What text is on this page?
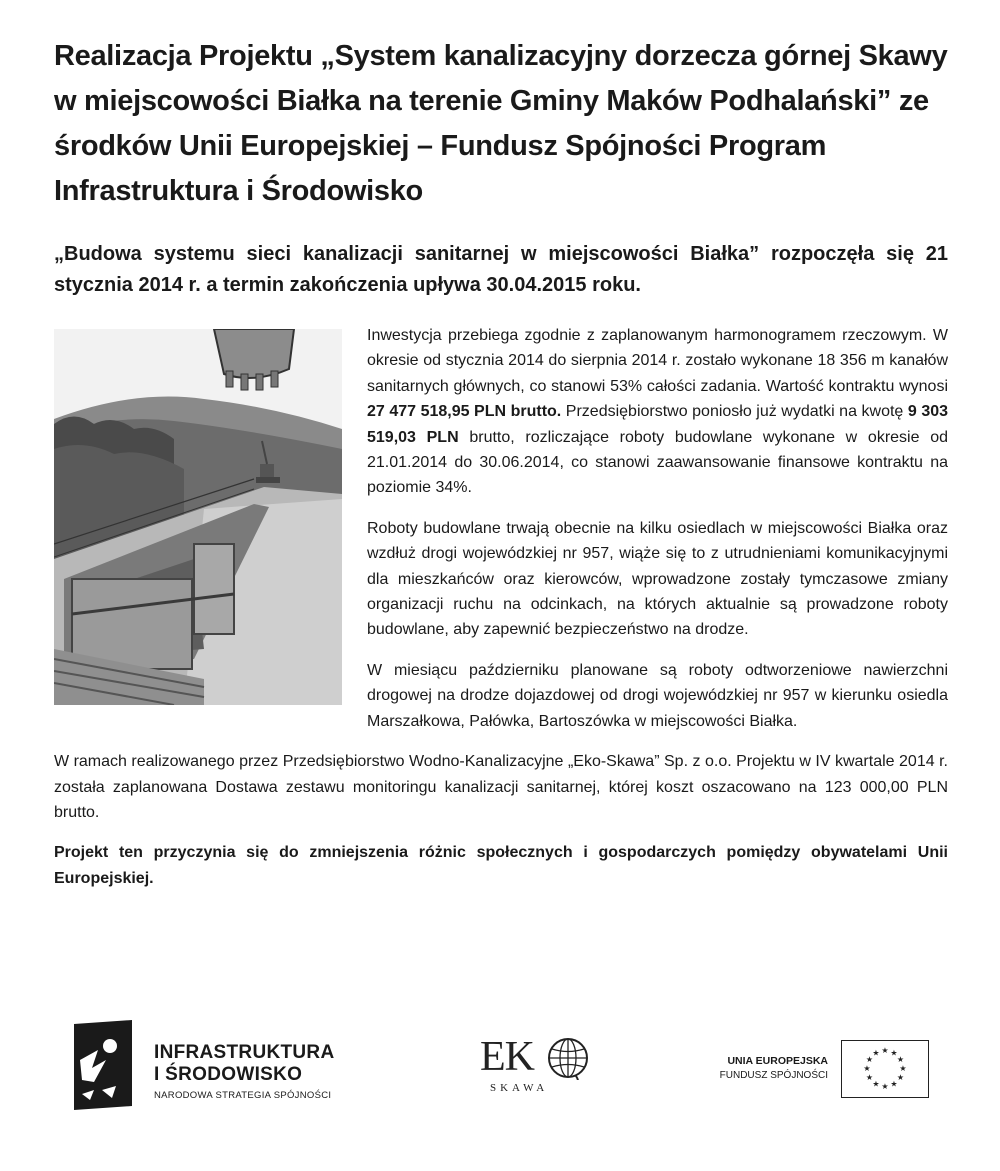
Realizacja Projektu „System kanalizacyjny dorzecza górnej Skawy w miejscowości Białka na terenie Gminy Maków Podhalański” ze środków Unii Europejskiej – Fundusz Spójności Program Infrastruktura i Środowisko

„Budowa systemu sieci kanalizacji sanitarnej w miejscowości Białka” rozpoczęła się 21 stycznia 2014 r. a termin zakończenia upływa 30.04.2015 roku.

Inwestycja przebiega zgodnie z zaplanowanym harmonogramem rzeczowym. W okresie od stycznia 2014 do sierpnia 2014 r. zostało wykonane 18 356 m kanałów sanitarnych głównych, co stanowi 53% całości zadania. Wartość kontraktu wynosi 27 477 518,95 PLN brutto. Przedsiębiorstwo poniosło już wydatki na kwotę 9 303 519,03 PLN brutto, rozliczające roboty budowlane wykonane w okresie od 21.01.2014 do 30.06.2014, co stanowi zaawansowanie finansowe kontraktu na poziomie 34%.

Roboty budowlane trwają obecnie na kilku osiedlach w miejscowości Białka oraz wzdłuż drogi wojewódzkiej nr 957, wiąże się to z utrudnieniami komunikacyjnymi dla mieszkańców oraz kierowców, wprowadzone zostały tymczasowe zmiany organizacji ruchu na odcinkach, na których aktualnie są prowadzone roboty budowlane, aby zapewnić bezpieczeństwo na drodze.

W miesiącu październiku planowane są roboty odtworzeniowe nawierzchni drogowej na drodze dojazdowej od drogi wojewódzkiej nr 957 w kierunku osiedla Marszałkowa, Pałówka, Bartoszówka w miejscowości Białka.

W ramach realizowanego przez Przedsiębiorstwo Wodno-Kanalizacyjne „Eko-Skawa” Sp. z o.o. Projektu w IV kwartale 2014 r. została zaplanowana Dostawa zestawu monitoringu kanalizacji sanitarnej, której koszt oszacowano na 123 000,00 PLN brutto.

Projekt ten przyczynia się do zmniejszenia różnic społecznych i gospodarczych pomiędzy obywatelami Unii Europejskiej.

INFRASTRUKTURA
I ŚRODOWISKO
NARODOWA STRATEGIA SPÓJNOŚCI
EK
SKAWA
UNIA EUROPEJSKA
FUNDUSZ SPÓJNOŚCI
★ ★
★
★
★
★
★
★
★
★
★
★
